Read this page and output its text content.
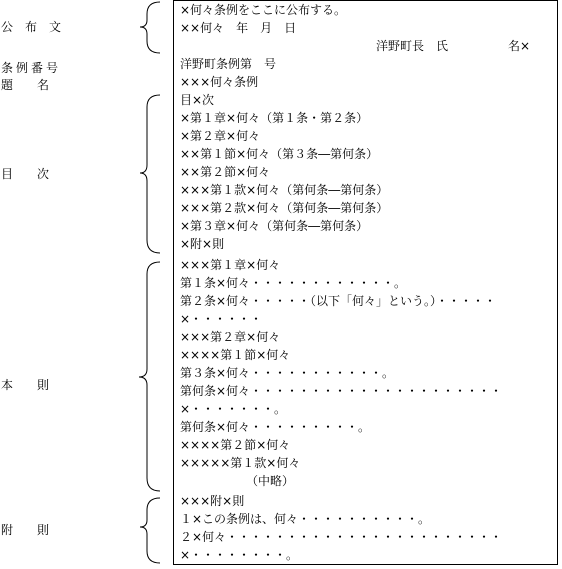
公　布　文
条例番号
題　　名
目　　次
本　　則
附　　則
×何々条例をここに公布する。
××何々　年　月　日
洋野町長　氏　　　　　名×
洋野町条例第　号
×××何々条例
目×次
×第１章×何々（第１条・第２条）
×第２章×何々
××第１節×何々（第３条―第何条）
××第２節×何々
×××第１款×何々（第何条―第何条）
×××第２款×何々（第何条―第何条）
×第３章×何々（第何条―第何条）
×附×則
×××第１章×何々
第１条×何々・・・・・・・・・・・・。
第２条×何々・・・・・（以下「何々」という。）・・・・・
×・・・・・・
×××第２章×何々
××××第１節×何々
第３条×何々・・・・・・・・・・・。
第何条×何々・・・・・・・・・・・・・・・・・・・・・
×・・・・・・・。
第何条×何々・・・・・・・・・。
××××第２節×何々
×××××第１款×何々
（中略）
×××附×則
１×この条例は、何々・・・・・・・・・・。
２×何々・・・・・・・・・・・・・・・・・・・・・・・
×・・・・・・・・。
